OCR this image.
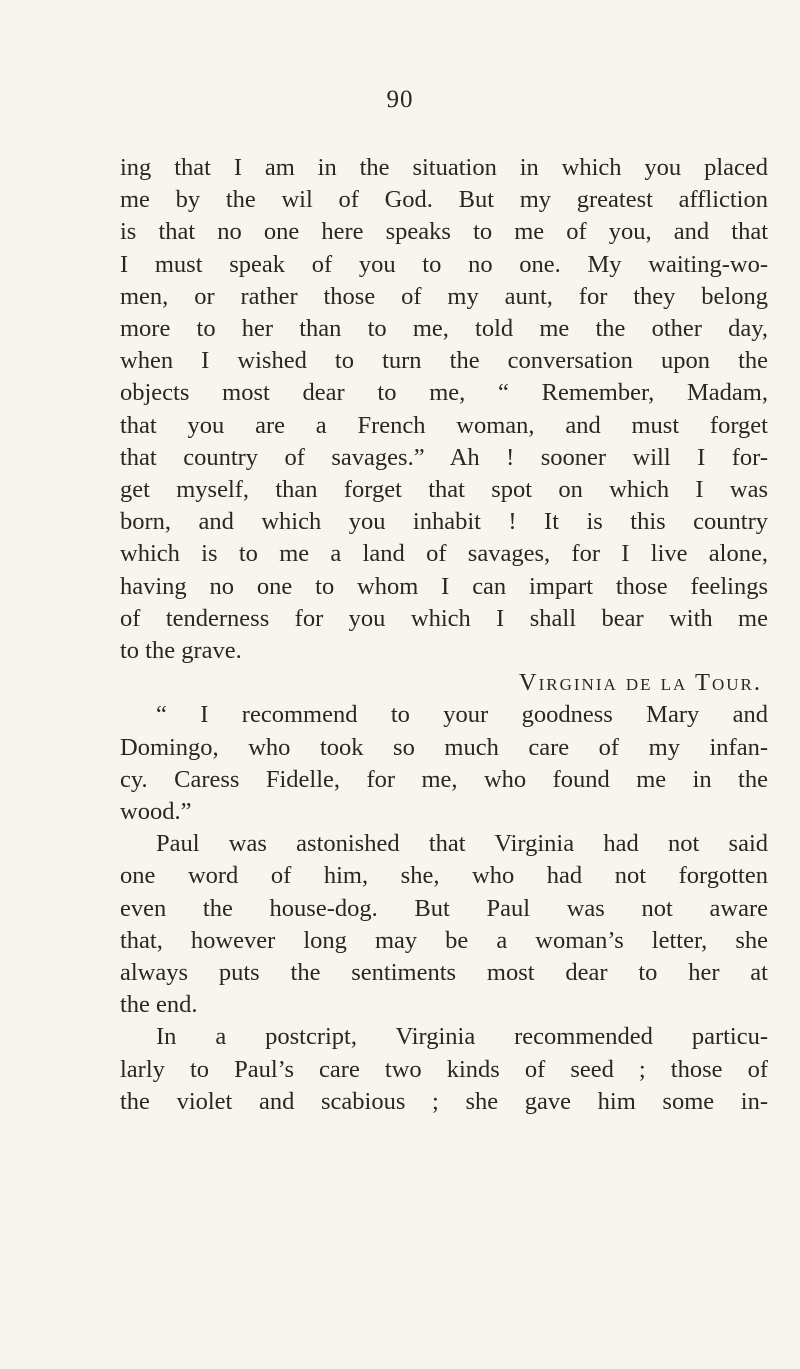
90
ing that I am in the situation in which you placed
me by the wil of God. But my greatest affliction
is that no one here speaks to me of you, and that
I must speak of you to no one. My waiting-wo-
men, or rather those of my aunt, for they belong
more to her than to me, told me the other day,
when I wished to turn the conversation upon the
objects most dear to me, “ Remember, Madam,
that you are a French woman, and must forget
that country of savages.” Ah ! sooner will I for-
get myself, than forget that spot on which I was
born, and which you inhabit ! It is this country
which is to me a land of savages, for I live alone,
having no one to whom I can impart those feelings
of tenderness for you which I shall bear with me
to the grave.
Virginia de la Tour.
“ I recommend to your goodness Mary and
Domingo, who took so much care of my infan-
cy. Caress Fidelle, for me, who found me in the
wood.”
Paul was astonished that Virginia had not said
one word of him, she, who had not forgotten
even the house-dog. But Paul was not aware
that, however long may be a woman’s letter, she
always puts the sentiments most dear to her at
the end.
In a postcript, Virginia recommended particu-
larly to Paul’s care two kinds of seed ; those of
the violet and scabious ; she gave him some in-
